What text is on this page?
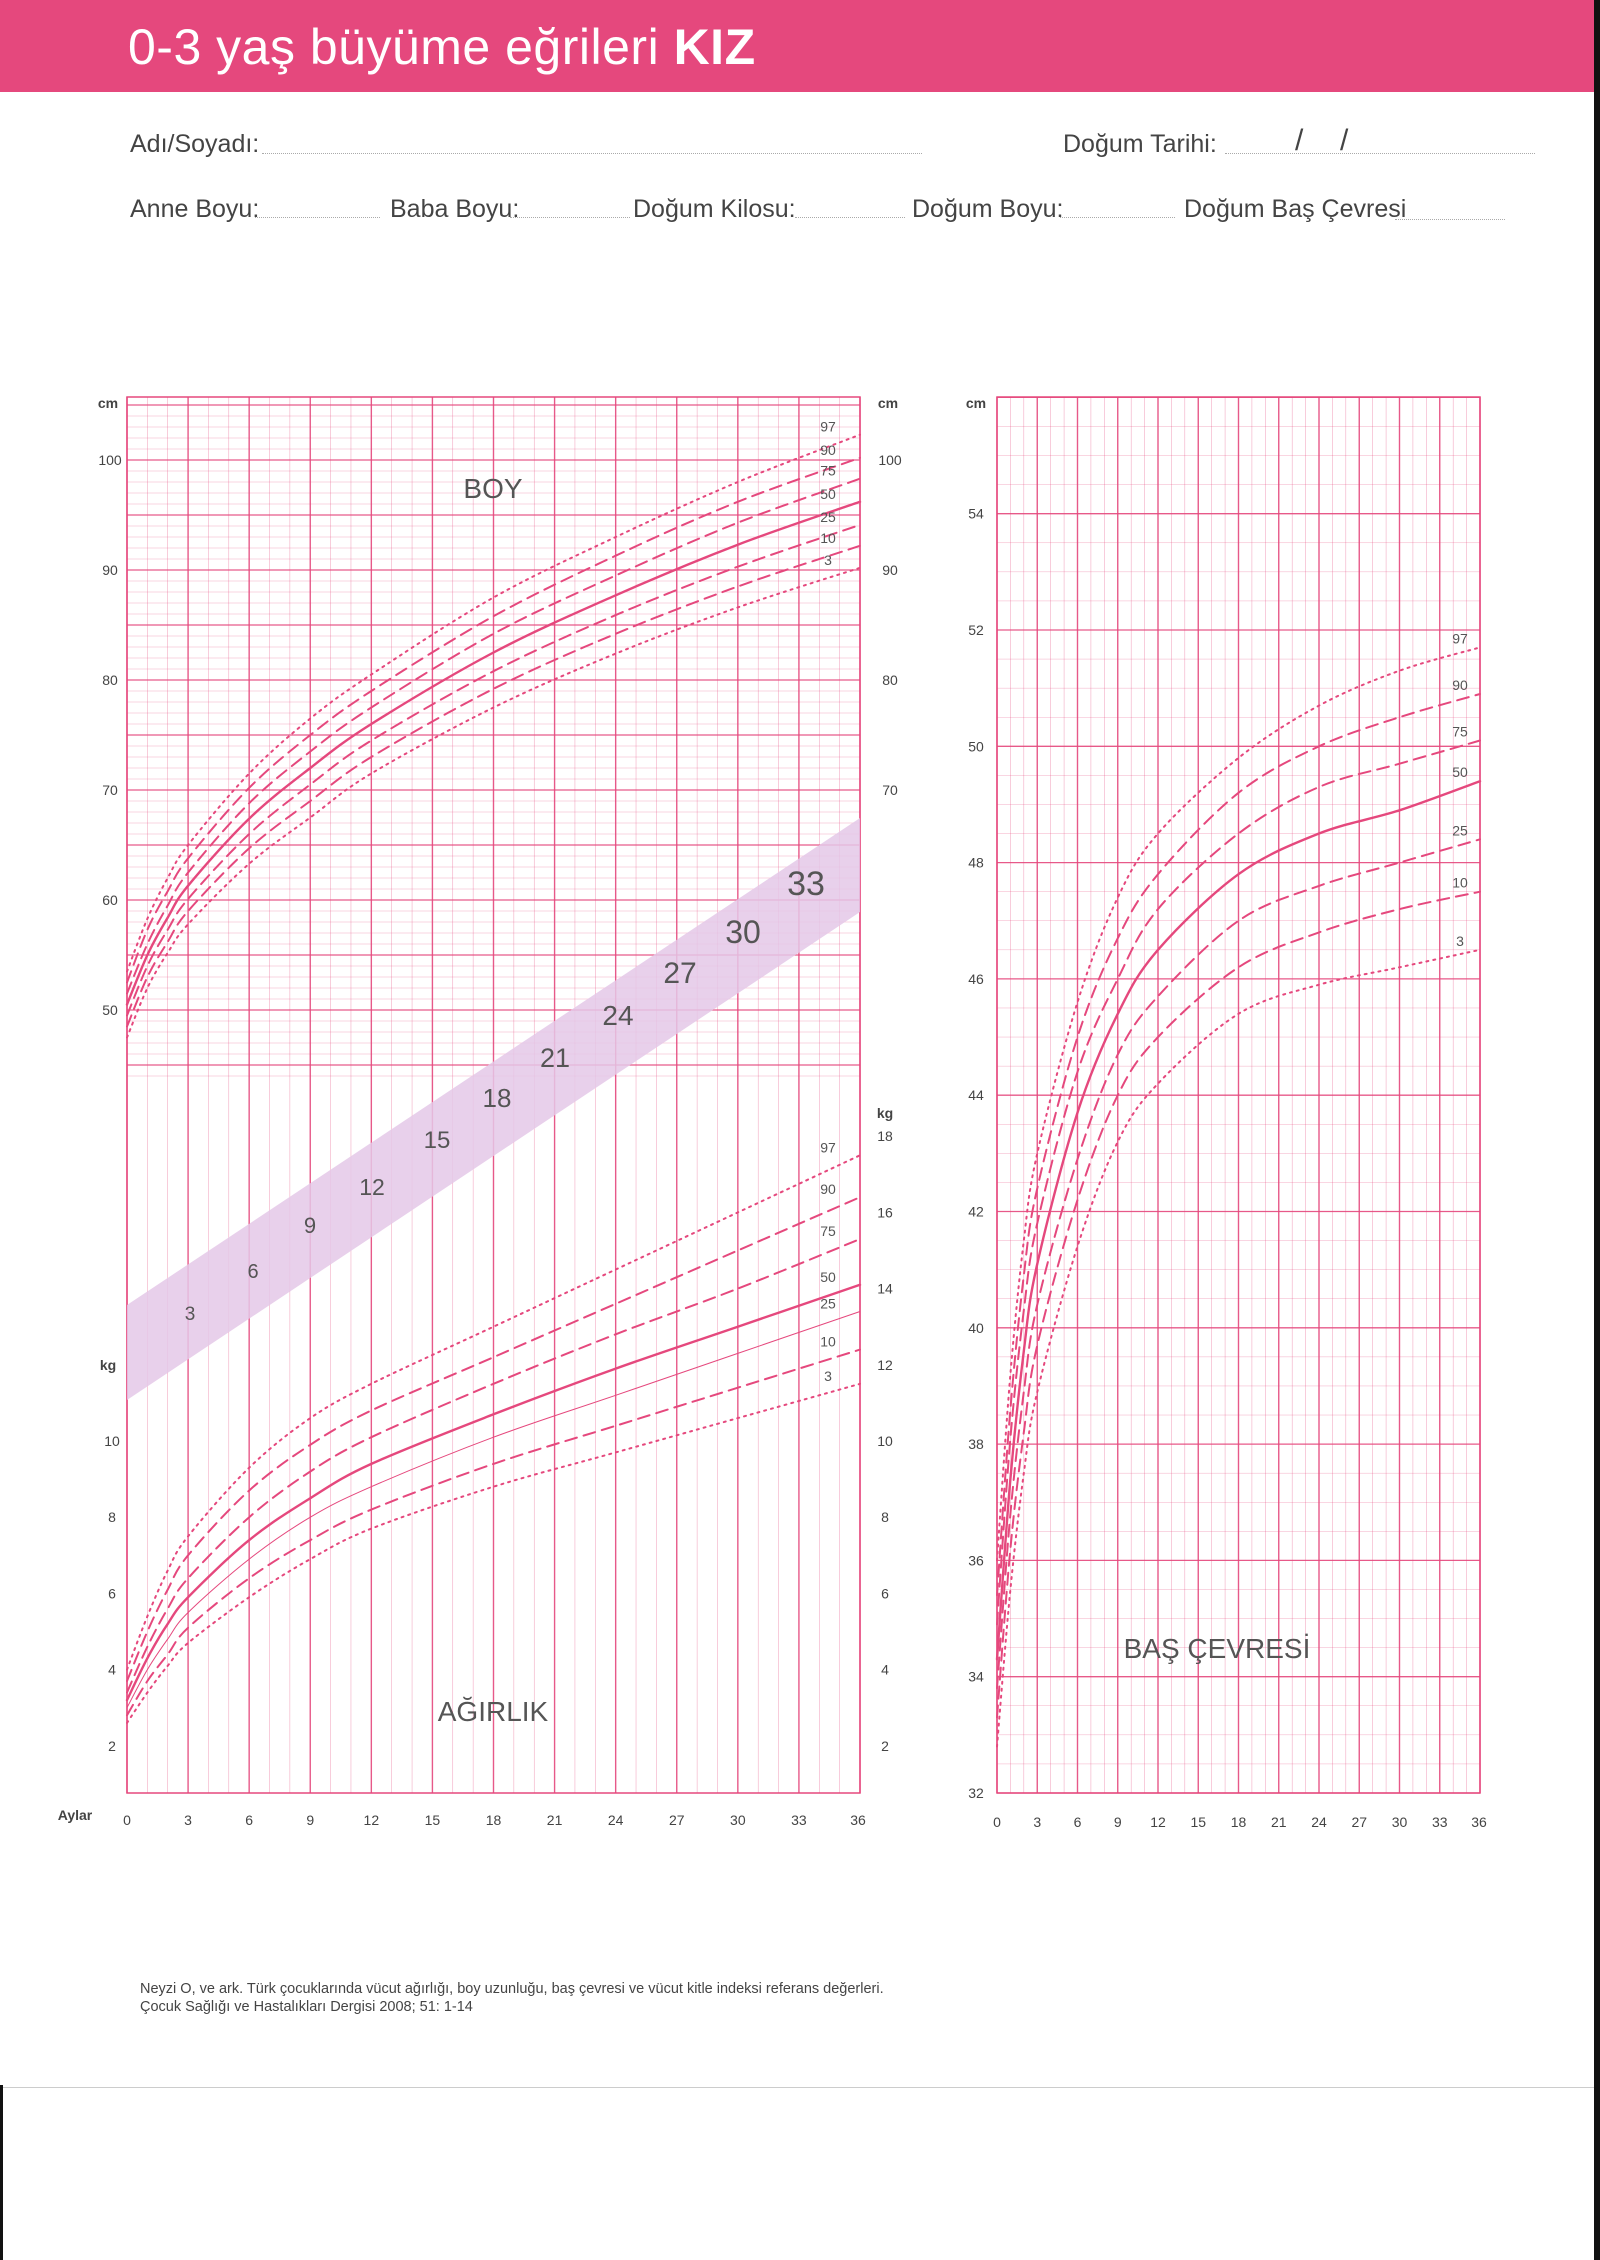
0-3 yaş büyüme eğrileri KIZ
Adı/Soyadı:	Doğum Tarihi:	/ /
Anne Boyu:	Baba Boyu:	Doğum Kilosu:	Doğum Boyu:	Doğum Baş Çevresi
3
6
9
12
15
18
21
24
27
30
33
97
90
75
50
25
10
3
97
90
75
50
25
10
3
BOY
AĞIRLIK
cm	cm
kg
kg
100
90
80
70
60
50
100
90
80
70
10
8
6
4
2
18
16
14
12
10
8
6
4
2
Aylar 0	3	6	9	12	15	18	21	24	27	30	33	36
97
90
75
50
25
10
3
BAŞ ÇEVRESİ
cm
54
52
50
48
46
44
42
40
38
36
34
32
0 3 6 9 12 15 18 21 24 27 30 33 36
Neyzi O, ve ark. Türk çocuklarında vücut ağırlığı, boy uzunluğu, baş çevresi ve vücut kitle indeksi referans değerleri.
Çocuk Sağlığı ve Hastalıkları Dergisi 2008; 51: 1-14
